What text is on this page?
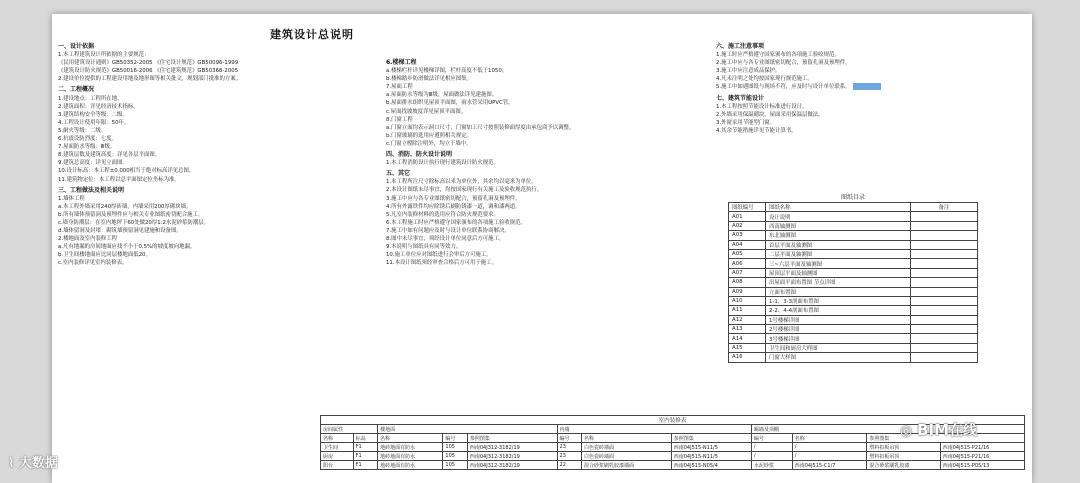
建筑设计总说明
一、设计依据
1.本工程建筑设计所依据的主要规范：
《民用建筑设计通则》GB50352-2005 《住宅设计规范》GB50096-1999
《建筑设计防火规范》GB50016-2006 《住宅建筑规范》GB50368-2005
2.建设单位提供的工程建设用地及地形图等相关批文，规划部门批准的方案。
二、工程概况
1.建设地点：工程所在地。
2.建筑面积：详见经济技术指标。
3.建筑结构安全等级：二级。
4.工程设计使用年限：50年。
5.耐火等级：二级。
6.抗震设防烈度：七度。
7.屋面防水等级：Ⅲ级。
8.建筑层数及建筑高度：详见各层平面图。
9.建筑总高度：详见立面图。
10.设计标高：本工程±0.000相当于绝对标高详见总图。
11.建筑物定位：本工程以总平面图定位坐标为准。
三、工程做法及相关说明
1.墙体工程
a.本工程外墙采用240厚砖墙，内墙采用200厚砌块墙。
b.所有墙体预留洞及预埋件应与相关专业图纸密切配合施工。
c.墙身防潮层：在室内地坪下60处做20厚1:2水泥砂浆防潮层。
d.墙体留洞及封堵：砌筑墙预留洞见建施和设备图。
2.楼地面及室内装修工程
a.凡有地漏的房间地面应找不小于0.5%的坡度坡向地漏。
b.卫生间楼地面应比同层楼地面低20。
c.室内装修详见室内装修表。
6.楼梯工程
a.楼梯栏杆详见楼梯详图，栏杆高度不低于1050。
b.楼梯踏步防滑做法详见相应图集。
7.屋面工程
a.屋面防水等级为Ⅲ级，屋面做法详见建施图。
b.屋面排水组织见屋顶平面图，雨水管采用UPVC管。
c.屋面找坡坡度详见屋顶平面图。
8.门窗工程
a.门窗立面均表示洞口尺寸，门窗加工尺寸按照装修面厚度由承包商予以调整。
b.门窗玻璃的选用应遵照相关规定。
c.门窗立樘除注明外，均立于墙中。
四、消防、防火设计说明
1.本工程消防设计执行现行建筑设计防火规范。
五、其它
1.本工程所注尺寸除标高以米为单位外，其余均以毫米为单位。
2.本设计图纸未尽事宜，均按国家现行有关施工及验收规范执行。
3.施工中应与各专业图纸密切配合，预留孔洞及预埋件。
4.所有外露铁件均应除锈后刷防锈漆一道，调和漆两道。
5.凡室内装修材料的选用应符合防火规范要求。
6.本工程施工时应严格遵守国家颁布的各项施工验收规范。
7.施工中如有问题应及时与设计单位联系协商解决。
8.图中未尽事宜，须经设计单位同意后方可施工。
9.本说明与图纸具有同等效力。
10.施工单位应对图纸进行会审后方可施工。
11.本设计图纸须经审查合格后方可用于施工。
六、施工注意事项
1.施工时应严格遵守国家颁布的各项施工验收规范。
2.施工中应与各专业图纸密切配合，预留孔洞及预埋件。
3.施工中应注意成品保护。
4.凡未注明之处均按国家现行规范施工。
5.施工中如遇图纸与现场不符，应及时与设计单位联系。
七、建筑节能设计
1.本工程按照节能设计标准进行设计。
2.外墙采用保温砌块，屋面采用保温层做法。
3.外窗采用节能型门窗。
4.其余节能措施详见节能计算书。
图纸目录
图纸编号	图纸名称	备注
A01	设计说明	
A02	西南轴测图	
A03	东北轴测图	
A04	首层平面及轴测图	
A05	二层平面及轴测图	
A06	三~六层平面及轴测图	
A07	屋顶层平面及轴测图	
A08	出屋面平面布置图 节点详图	
A09	立面布置图	
A10	1-1、3-3剖面布置图	
A11	2-2、4-4剖面布置图	
A12	1号楼梯详图	
A13	2号楼梯详图	
A14	3号楼梯详图	
A15	卫生间和厨房大样图	
A16	门窗大样图	
室内装修表
房间属性		楼地面			内墙			踢墙及顶棚			
名称	标高	名称	编号	参照图集	编号	名称	参照图集	编号	名称	参照图集	
卫生间	F1	地砖地面有防水	105	西南04J312-3182/19	23	白色瓷砖墙面	西南04J515-N11/5	/	/	塑料扣板吊顶	西南04J515-P21/16
厨房	F1	地砖地面有防水	105	西南04J312-3182/19	23	白色瓷砖墙面	西南04J515-N11/5	/	/	塑料扣板吊顶	西南04J515-P21/16
阳台	F1	地砖地面有防水	105	西南04J312-3182/19	22	混合砂浆刷乳胶漆墙面	西南04J515-N05/4	水泥砂浆	西南04J515-C1/7	混合砂浆刷乳胶漆	西南04J515-P05/13
⌇ 大数据
◎ BIM在线
